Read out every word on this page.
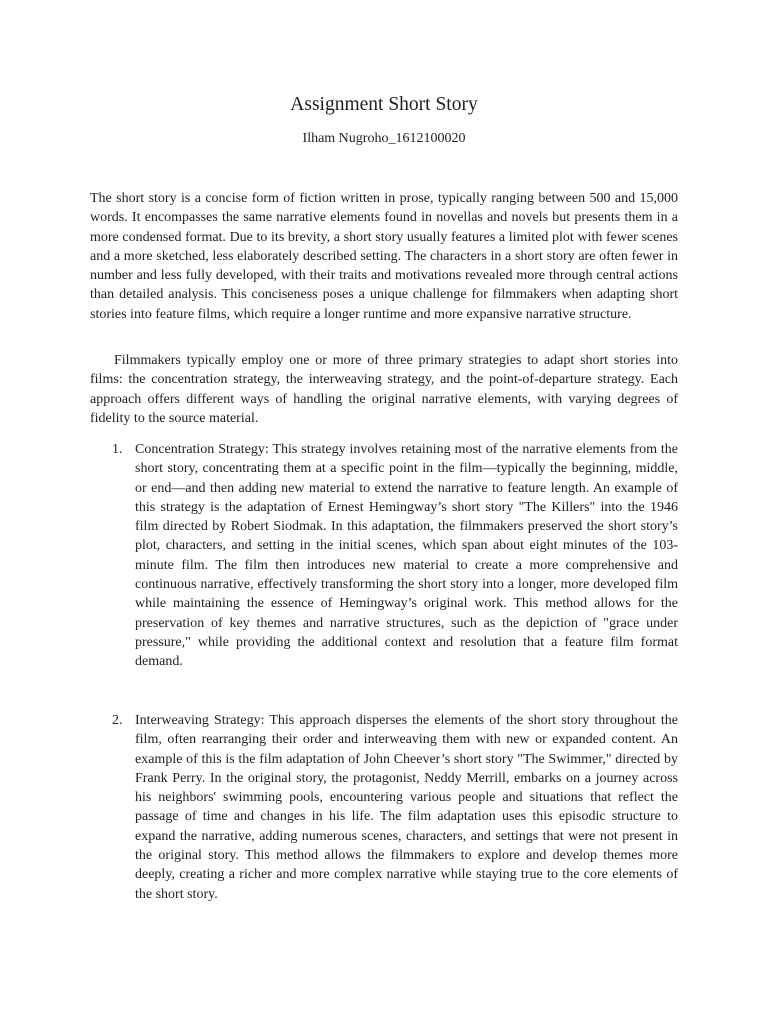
Assignment Short Story

Ilham Nugroho_1612100020

The short story is a concise form of fiction written in prose, typically ranging between 500 and 15,000 words. It encompasses the same narrative elements found in novellas and novels but presents them in a more condensed format. Due to its brevity, a short story usually features a limited plot with fewer scenes and a more sketched, less elaborately described setting. The characters in a short story are often fewer in number and less fully developed, with their traits and motivations revealed more through central actions than detailed analysis. This conciseness poses a unique challenge for filmmakers when adapting short stories into feature films, which require a longer runtime and more expansive narrative structure.

Filmmakers typically employ one or more of three primary strategies to adapt short stories into films: the concentration strategy, the interweaving strategy, and the point-of-departure strategy. Each approach offers different ways of handling the original narrative elements, with varying degrees of fidelity to the source material.

1. Concentration Strategy: This strategy involves retaining most of the narrative elements from the short story, concentrating them at a specific point in the film—typically the beginning, middle, or end—and then adding new material to extend the narrative to feature length. An example of this strategy is the adaptation of Ernest Hemingway’s short story "The Killers" into the 1946 film directed by Robert Siodmak. In this adaptation, the filmmakers preserved the short story’s plot, characters, and setting in the initial scenes, which span about eight minutes of the 103-minute film. The film then introduces new material to create a more comprehensive and continuous narrative, effectively transforming the short story into a longer, more developed film while maintaining the essence of Hemingway’s original work. This method allows for the preservation of key themes and narrative structures, such as the depiction of "grace under pressure," while providing the additional context and resolution that a feature film format demand.
2. Interweaving Strategy: This approach disperses the elements of the short story throughout the film, often rearranging their order and interweaving them with new or expanded content. An example of this is the film adaptation of John Cheever’s short story "The Swimmer," directed by Frank Perry. In the original story, the protagonist, Neddy Merrill, embarks on a journey across his neighbors' swimming pools, encountering various people and situations that reflect the passage of time and changes in his life. The film adaptation uses this episodic structure to expand the narrative, adding numerous scenes, characters, and settings that were not present in the original story. This method allows the filmmakers to explore and develop themes more deeply, creating a richer and more complex narrative while staying true to the core elements of the short story.
